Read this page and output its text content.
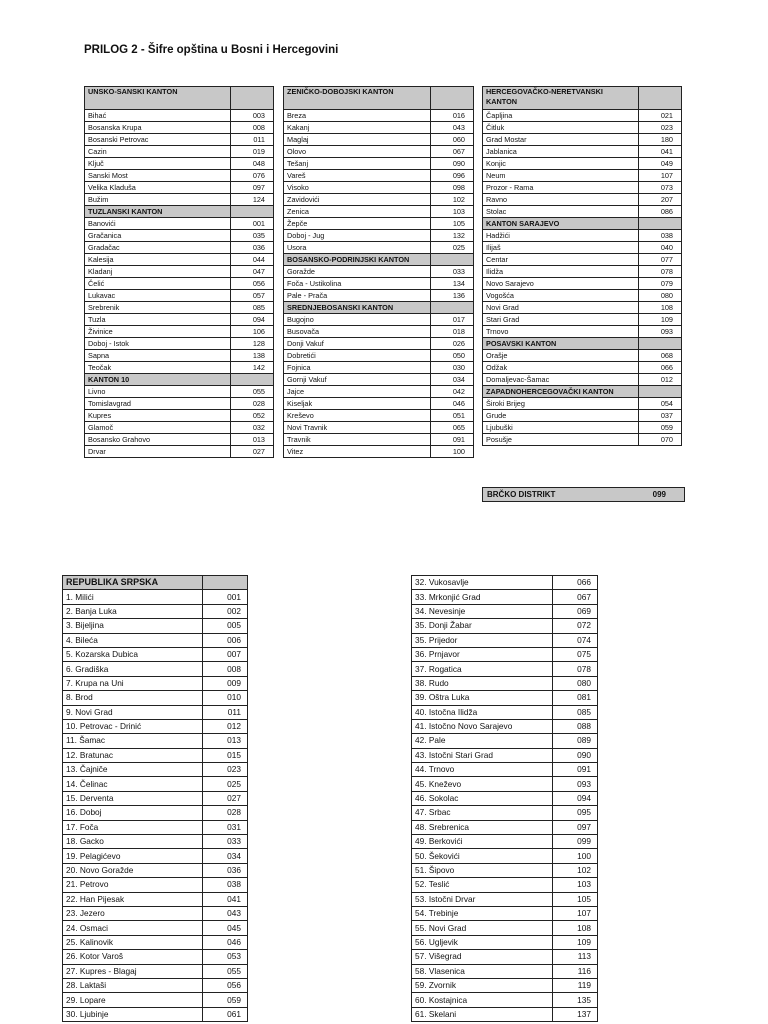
PRILOG 2 - Šifre opština u Bosni i Hercegovini
UNSKO-SANSKI KANTON	
Bihać	003
Bosanska Krupa	008
Bosanski Petrovac	011
Cazin	019
Ključ	048
Sanski Most	076
Velika Kladuša	097
Bužim	124
TUZLANSKI KANTON	
Banovići	001
Gračanica	035
Gradačac	036
Kalesija	044
Kladanj	047
Čelić	056
Lukavac	057
Srebrenik	085
Tuzla	094
Živinice	106
Doboj - Istok	128
Sapna	138
Teočak	142
KANTON 10	
Livno	055
Tomislavgrad	028
Kupres	052
Glamoč	032
Bosansko Grahovo	013
Drvar	027
ZENIČKO-DOBOJSKI KANTON	
Breza	016
Kakanj	043
Maglaj	060
Olovo	067
Tešanj	090
Vareš	096
Visoko	098
Zavidovići	102
Zenica	103
Žepče	105
Doboj - Jug	132
Usora	025
BOSANSKO-PODRINJSKI KANTON	
Goražde	033
Foča - Ustikolina	134
Pale - Prača	136
SREDNJEBOSANSKI KANTON	
Bugojno	017
Busovača	018
Donji Vakuf	026
Dobretići	050
Fojnica	030
Gornji Vakuf	034
Jajce	042
Kiseljak	046
Kreševo	051
Novi Travnik	065
Travnik	091
Vitez	100
HERCEGOVAČKO-NERETVANSKI KANTON	
Čapljina	021
Čitluk	023
Grad Mostar	180
Jablanica	041
Konjic	049
Neum	107
Prozor - Rama	073
Ravno	207
Stolac	086
KANTON SARAJEVO	
Hadžići	038
Ilijaš	040
Centar	077
Ilidža	078
Novo Sarajevo	079
Vogošća	080
Novi Grad	108
Stari Grad	109
Trnovo	093
POSAVSKI KANTON	
Orašje	068
Odžak	066
Domaljevac-Šamac	012
ZAPADNOHERCEGOVAČKI KANTON	
Široki Brijeg	054
Grude	037
Ljubuški	059
Posušje	070
BRČKO DISTRIKT	099
REPUBLIKA SRPSKA	
1. Milići	001
2. Banja Luka	002
3. Bijeljina	005
4. Bileća	006
5. Kozarska Dubica	007
6. Gradiška	008
7. Krupa na Uni	009
8. Brod	010
9. Novi Grad	011
10. Petrovac - Drinić	012
11. Šamac	013
12. Bratunac	015
13. Čajniče	023
14. Čelinac	025
15. Derventa	027
16. Doboj	028
17. Foča	031
18. Gacko	033
19. Pelagićevo	034
20. Novo Goražde	036
21. Petrovo	038
22. Han Pijesak	041
23. Jezero	043
24. Osmaci	045
25. Kalinovik	046
26. Kotor Varoš	053
27. Kupres - Blagaj	055
28. Laktaši	056
29. Lopare	059
30. Ljubinje	061
32. Vukosavlje	066
33. Mrkonjić Grad	067
34. Nevesinje	069
35. Donji Žabar	072
35. Prijedor	074
36. Prnjavor	075
37. Rogatica	078
38. Rudo	080
39. Oštra Luka	081
40. Istočna Ilidža	085
41. Istočno Novo Sarajevo	088
42. Pale	089
43. Istočni Stari Grad	090
44. Trnovo	091
45. Kneževo	093
46. Sokolac	094
47. Srbac	095
48. Srebrenica	097
49. Berkovići	099
50. Šekovići	100
51. Šipovo	102
52. Teslić	103
53. Istočni Drvar	105
54. Trebinje	107
55. Novi Grad	108
56. Ugljevik	109
57. Višegrad	113
58. Vlasenica	116
59. Zvornik	119
60. Kostajnica	135
61. Skelani	137
